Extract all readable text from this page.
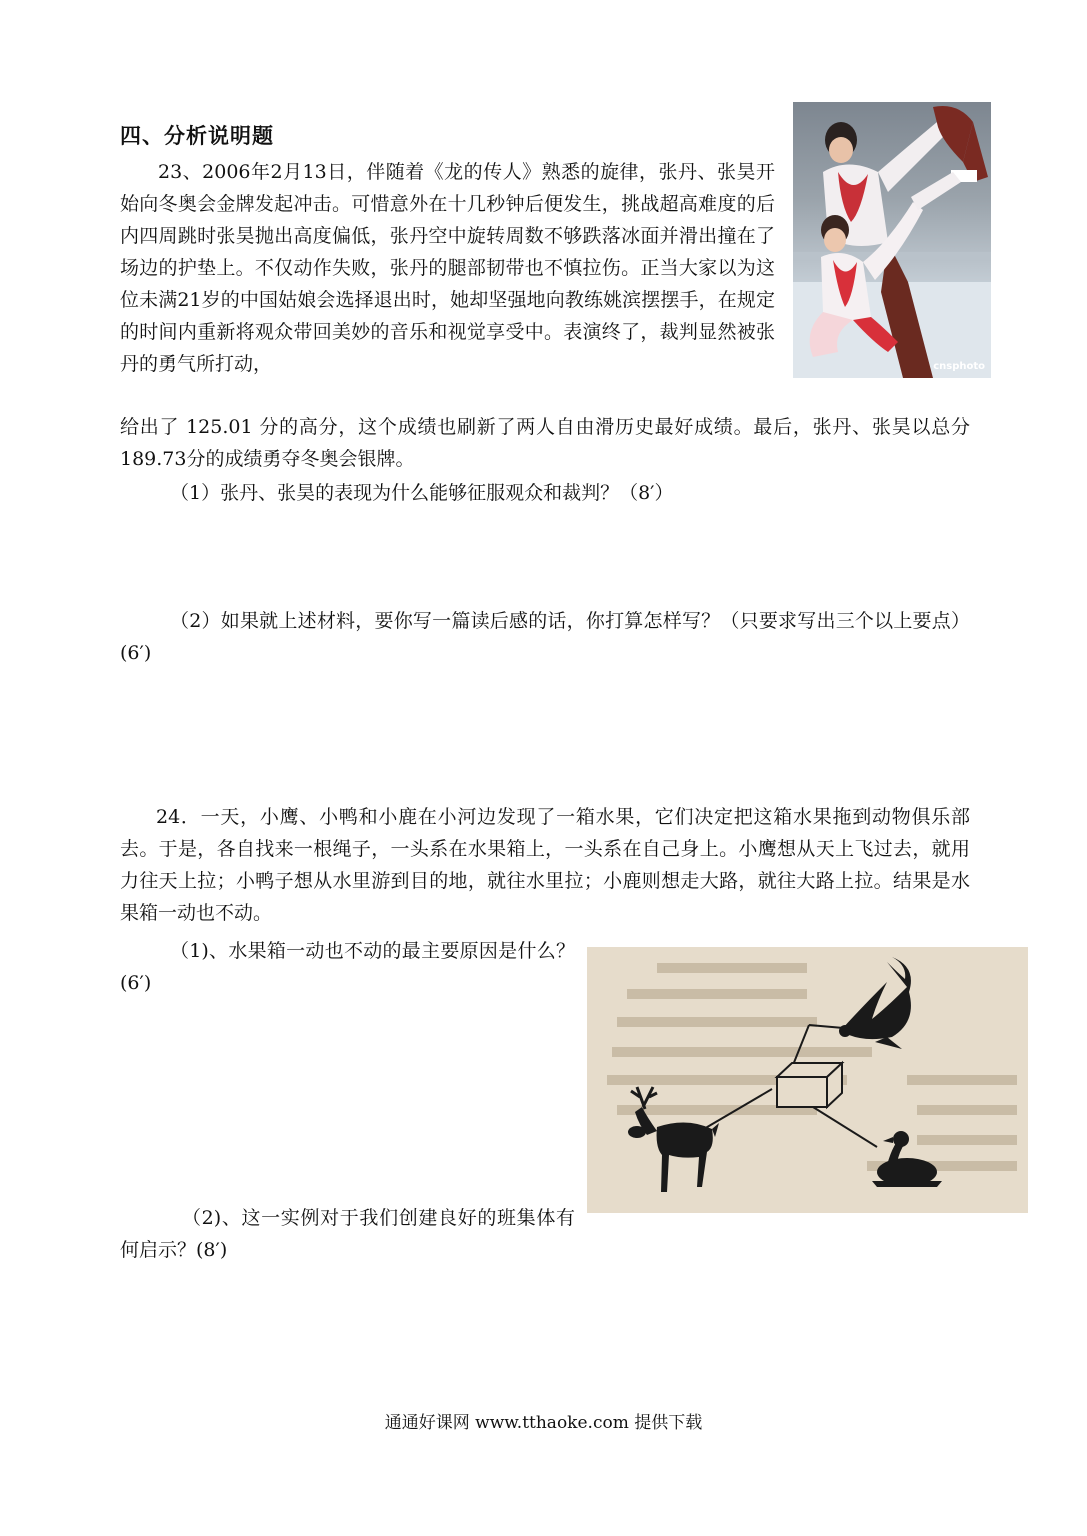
四、分析说明题

23、2006年2月13日，伴随着《龙的传人》熟悉的旋律，张丹、张昊开始向冬奥会金牌发起冲击。可惜意外在十几秒钟后便发生，挑战超高难度的后内四周跳时张昊抛出高度偏低，张丹空中旋转周数不够跌落冰面并滑出撞在了场边的护垫上。不仅动作失败，张丹的腿部韧带也不慎拉伤。正当大家以为这位未满21岁的中国姑娘会选择退出时，她却坚强地向教练姚滨摆摆手，在规定的时间内重新将观众带回美妙的音乐和视觉享受中。表演终了，裁判显然被张丹的勇气所打动，	cnsphoto

给出了 125.01 分的高分，这个成绩也刷新了两人自由滑历史最好成绩。最后，张丹、张昊以总分189.73分的成绩勇夺冬奥会银牌。

（1）张丹、张昊的表现为什么能够征服观众和裁判？（8′）

（2）如果就上述材料，要你写一篇读后感的话，你打算怎样写？（只要求写出三个以上要点）(6′)

24．一天，小鹰、小鸭和小鹿在小河边发现了一箱水果，它们决定把这箱水果拖到动物俱乐部去。于是，各自找来一根绳子，一头系在水果箱上，一头系在自己身上。小鹰想从天上飞过去，就用力往天上拉；小鸭子想从水里游到目的地，就往水里拉；小鹿则想走大路，就往大路上拉。结果是水果箱一动也不动。

（1)、水果箱一动也不动的最主要原因是什么？(6′)

（2)、这一实例对于我们创建良好的班集体有何启示？(8′)

通通好课网 www.tthaoke.com 提供下载
